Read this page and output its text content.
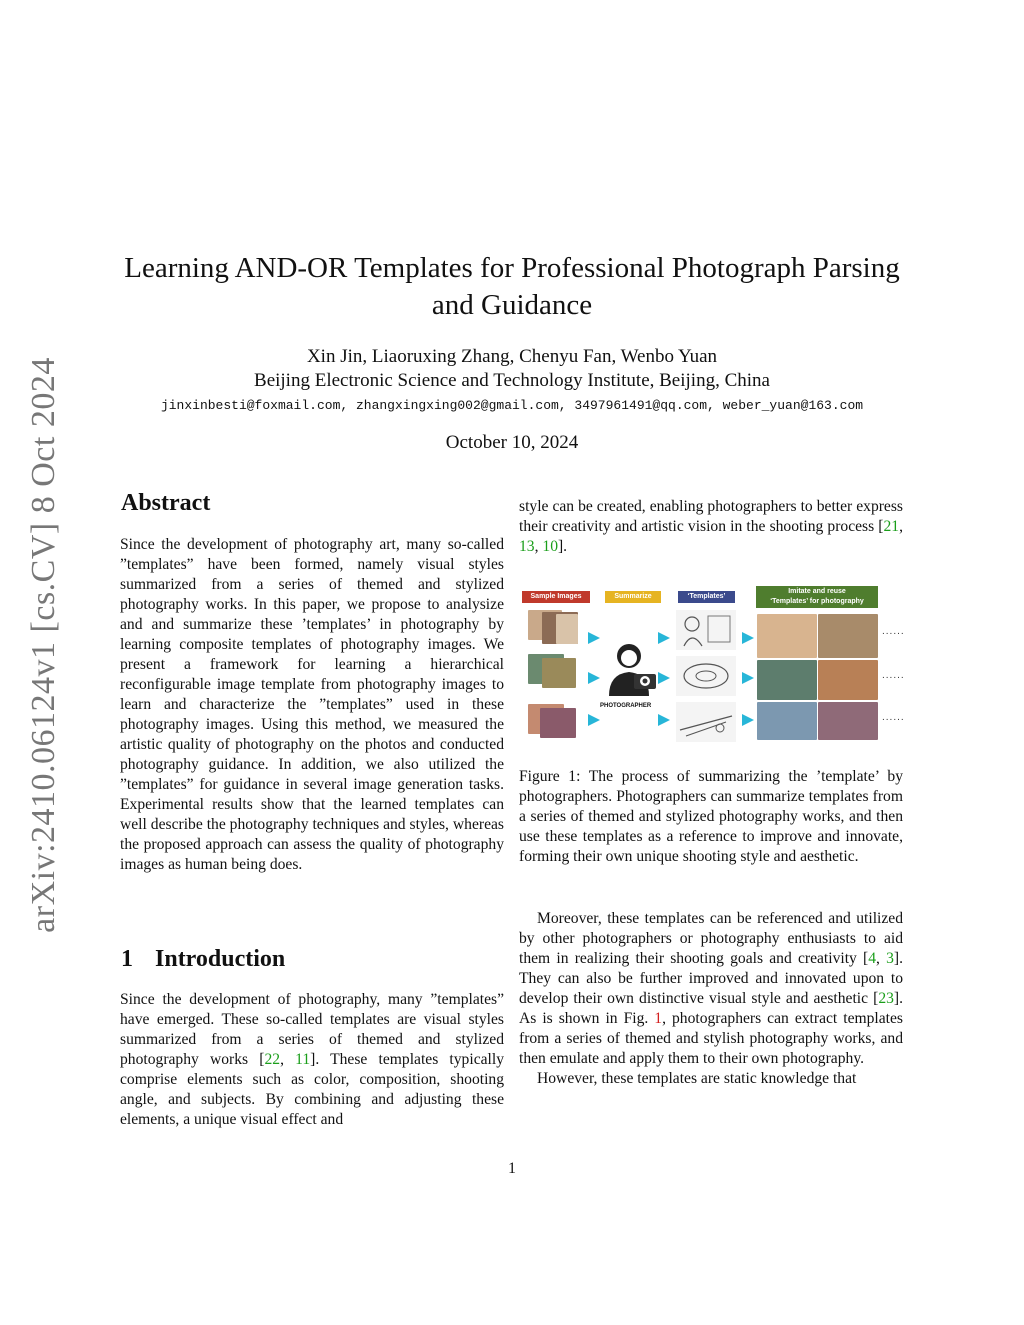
arXiv:2410.06124v1 [cs.CV] 8 Oct 2024
Learning AND-OR Templates for Professional Photograph Parsing and Guidance
Xin Jin, Liaoruxing Zhang, Chenyu Fan, Wenbo Yuan
Beijing Electronic Science and Technology Institute, Beijing, China
jinxinbesti@foxmail.com, zhangxingxing002@gmail.com, 3497961491@qq.com, weber_yuan@163.com
October 10, 2024
Abstract

Since the development of photography art, many so-called ”templates” have been formed, namely visual styles summarized from a series of themed and stylized photography works. In this paper, we propose to analysize and and summarize these ’templates’ in photography by learning composite templates of photography images. We present a framework for learning a hierarchical reconfigurable image template from photography images to learn and characterize the ”templates” used in these photography images. Using this method, we measured the artistic quality of photography on the photos and conducted photography guidance. In addition, we also utilized the ”templates” for guidance in several image generation tasks. Experimental results show that the learned templates can well describe the photography techniques and styles, whereas the proposed approach can assess the quality of photography images as human being does.

1 Introduction

Since the development of photography, many ”templates” have emerged. These so-called templates are visual styles summarized from a series of themed and stylized photography works [22, 11]. These templates typically comprise elements such as color, composition, shooting angle, and subjects. By combining and adjusting these elements, a unique visual effect and

style can be created, enabling photographers to better express their creativity and artistic vision in the shooting process [21, 13, 10].

Sample Images	Summarize	‘Templates’
Imitate and reuse
‘Templates’ for photography
PHOTOGRAPHER
......
......
......

Figure 1: The process of summarizing the ’template’ by photographers. Photographers can summarize templates from a series of themed and stylized photography works, and then use these templates as a reference to improve and innovate, forming their own unique shooting style and aesthetic.

Moreover, these templates can be referenced and utilized by other photographers or photography enthusiasts to aid them in realizing their shooting goals and creativity [4, 3]. They can also be further improved and innovated upon to develop their own distinctive visual style and aesthetic [23]. As is shown in Fig. 1, photographers can extract templates from a series of themed and stylish photography works, and then emulate and apply them to their own photography.

However, these templates are static knowledge that

1
